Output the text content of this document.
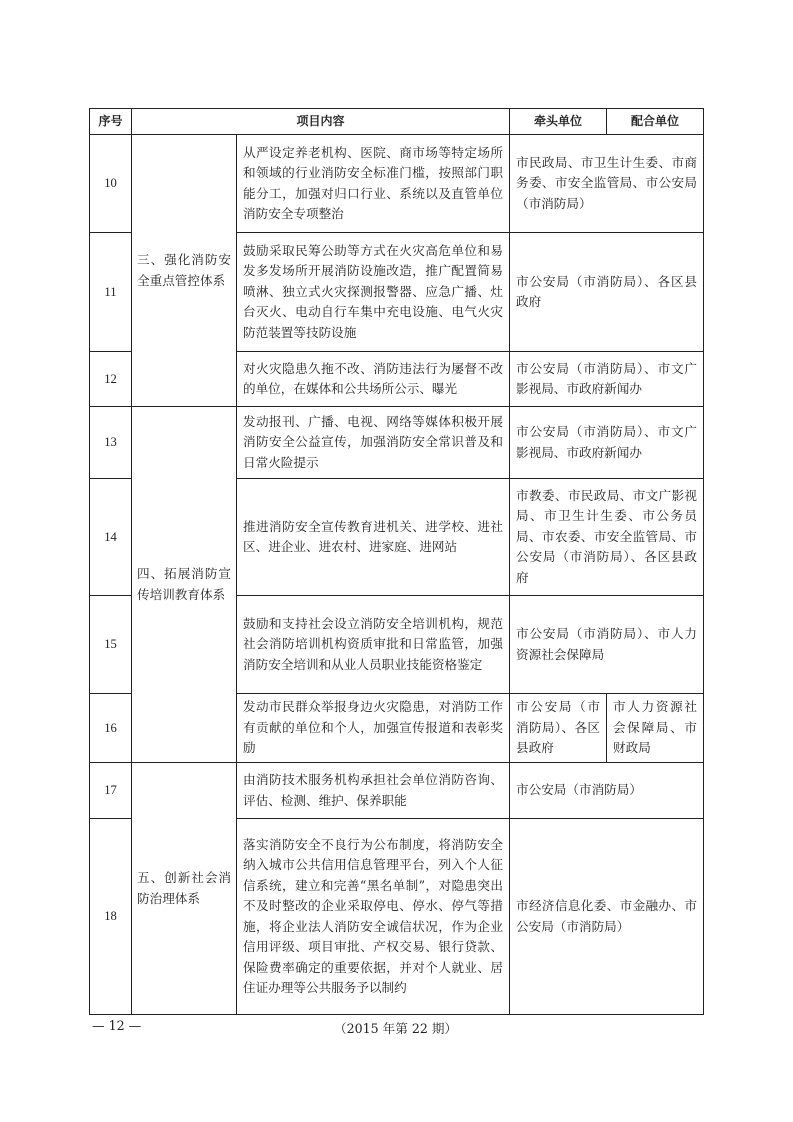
序号	项目内容		牵头单位	配合单位
10	三、强化消防安全重点管控体系	从严设定养老机构、医院、商市场等特定场所和领域的行业消防安全标准门槛，按照部门职能分工，加强对归口行业、系统以及直管单位消防安全专项整治	市民政局、市卫生计生委、市商务委、市安全监管局、市公安局（市消防局）	
11		鼓励采取民筹公助等方式在火灾高危单位和易发多发场所开展消防设施改造，推广配置简易喷淋、独立式火灾探测报警器、应急广播、灶台灭火、电动自行车集中充电设施、电气火灾防范装置等技防设施	市公安局（市消防局）、各区县政府	
12		对火灾隐患久拖不改、消防违法行为屡督不改的单位，在媒体和公共场所公示、曝光	市公安局（市消防局）、市文广影视局、市政府新闻办	
13	四、拓展消防宣传培训教育体系	发动报刊、广播、电视、网络等媒体积极开展消防安全公益宣传，加强消防安全常识普及和日常火险提示	市公安局（市消防局）、市文广影视局、市政府新闻办	
14		推进消防安全宣传教育进机关、进学校、进社区、进企业、进农村、进家庭、进网站	市教委、市民政局、市文广影视局、市卫生计生委、市公务员局、市农委、市安全监管局、市公安局（市消防局）、各区县政府	
15		鼓励和支持社会设立消防安全培训机构，规范社会消防培训机构资质审批和日常监管，加强消防安全培训和从业人员职业技能资格鉴定	市公安局（市消防局）、市人力资源社会保障局	
16		发动市民群众举报身边火灾隐患，对消防工作有贡献的单位和个人，加强宣传报道和表彰奖励	市公安局（市消防局）、各区县政府	市人力资源社会保障局、市财政局
17	五、创新社会消防治理体系	由消防技术服务机构承担社会单位消防咨询、评估、检测、维护、保养职能	市公安局（市消防局）	
18		落实消防安全不良行为公布制度，将消防安全纳入城市公共信用信息管理平台，列入个人征信系统，建立和完善“黑名单制”，对隐患突出不及时整改的企业采取停电、停水、停气等措施，将企业法人消防安全诚信状况，作为企业信用评级、项目审批、产权交易、银行贷款、保险费率确定的重要依据，并对个人就业、居住证办理等公共服务予以制约	市经济信息化委、市金融办、市公安局（市消防局）	
— 12 —	（2015 年第 22 期）
